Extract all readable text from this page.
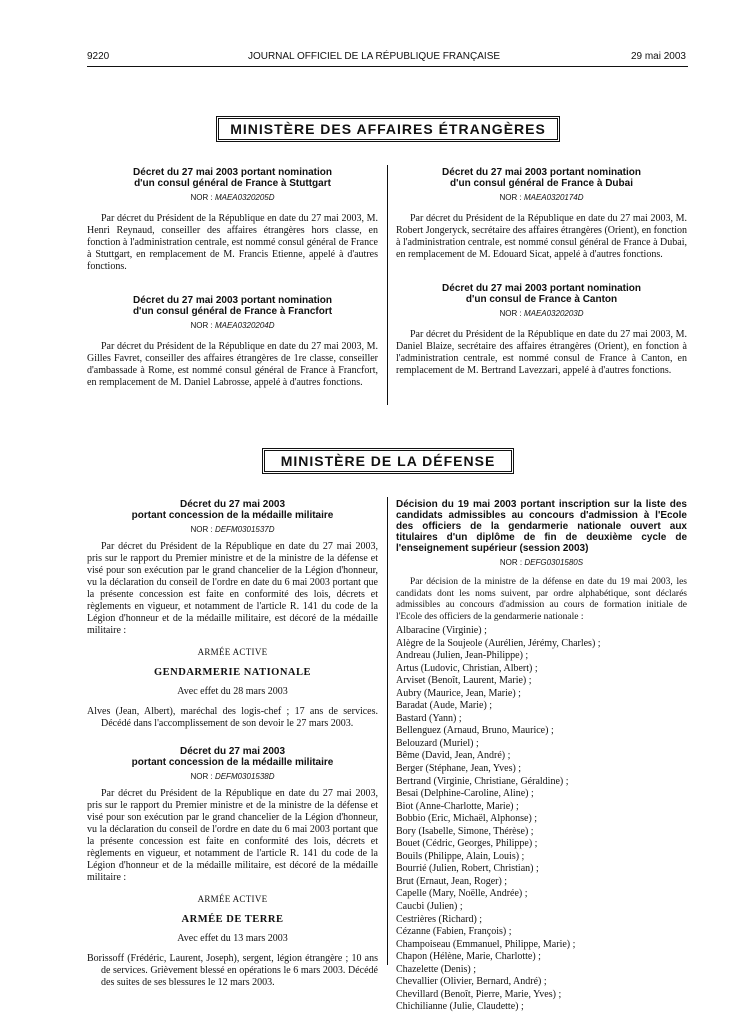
9220	JOURNAL OFFICIEL DE LA RÉPUBLIQUE FRANÇAISE	29 mai 2003
MINISTÈRE DES AFFAIRES ÉTRANGÈRES
Décret du 27 mai 2003 portant nomination
d'un consul général de France à Stuttgart
NOR : MAEA0320205D

Par décret du Président de la République en date du 27 mai 2003, M. Henri Reynaud, conseiller des affaires étrangères hors classe, en fonction à l'administration centrale, est nommé consul général de France à Stuttgart, en remplacement de M. Francis Etienne, appelé à d'autres fonctions.

Décret du 27 mai 2003 portant nomination
d'un consul général de France à Francfort
NOR : MAEA0320204D

Par décret du Président de la République en date du 27 mai 2003, M. Gilles Favret, conseiller des affaires étrangères de 1re classe, conseiller d'ambassade à Rome, est nommé consul général de France à Francfort, en remplacement de M. Daniel Labrosse, appelé à d'autres fonctions.

Décret du 27 mai 2003 portant nomination
d'un consul général de France à Dubai
NOR : MAEA0320174D

Par décret du Président de la République en date du 27 mai 2003, M. Robert Jongeryck, secrétaire des affaires étrangères (Orient), en fonction à l'administration centrale, est nommé consul général de France à Dubai, en remplacement de M. Edouard Sicat, appelé à d'autres fonctions.

Décret du 27 mai 2003 portant nomination
d'un consul de France à Canton
NOR : MAEA0320203D

Par décret du Président de la République en date du 27 mai 2003, M. Daniel Blaize, secrétaire des affaires étrangères (Orient), en fonction à l'administration centrale, est nommé consul de France à Canton, en remplacement de M. Bertrand Lavezzari, appelé à d'autres fonctions.

MINISTÈRE DE LA DÉFENSE
Décret du 27 mai 2003
portant concession de la médaille militaire
NOR : DEFM0301537D

Par décret du Président de la République en date du 27 mai 2003, pris sur le rapport du Premier ministre et de la ministre de la défense et visé pour son exécution par le grand chancelier de la Légion d'honneur, vu la déclaration du conseil de l'ordre en date du 6 mai 2003 portant que la présente concession est faite en conformité des lois, décrets et règlements en vigueur, et notamment de l'article R. 141 du code de la Légion d'honneur et de la médaille militaire, est décoré de la médaille militaire :

ARMÉE ACTIVE
GENDARMERIE NATIONALE

Avec effet du 28 mars 2003

Alves (Jean, Albert), maréchal des logis-chef ; 17 ans de services. Décédé dans l'accomplissement de son devoir le 27 mars 2003.

Décret du 27 mai 2003
portant concession de la médaille militaire
NOR : DEFM0301538D

Par décret du Président de la République en date du 27 mai 2003, pris sur le rapport du Premier ministre et de la ministre de la défense et visé pour son exécution par le grand chancelier de la Légion d'honneur, vu la déclaration du conseil de l'ordre en date du 6 mai 2003 portant que la présente concession est faite en conformité des lois, décrets et règlements en vigueur, et notamment de l'article R. 141 du code de la Légion d'honneur et de la médaille militaire, est décoré de la médaille militaire :

ARMÉE ACTIVE
ARMÉE DE TERRE

Avec effet du 13 mars 2003

Borissoff (Frédéric, Laurent, Joseph), sergent, légion étrangère ; 10 ans de services. Grièvement blessé en opérations le 6 mars 2003. Décédé des suites de ses blessures le 12 mars 2003.

Décision du 19 mai 2003 portant inscription sur la liste des candidats admissibles au concours d'admission à l'Ecole des officiers de la gendarmerie nationale ouvert aux titulaires d'un diplôme de fin de deuxième cycle de l'enseignement supérieur (session 2003)
NOR : DEFG0301580S

Par décision de la ministre de la défense en date du 19 mai 2003, les candidats dont les noms suivent, par ordre alphabétique, sont déclarés admissibles au concours d'admission au cours de formation initiale de l'Ecole des officiers de la gendarmerie nationale :

Albaracine (Virginie) ;
Alègre de la Soujeole (Aurélien, Jérémy, Charles) ;
Andreau (Julien, Jean-Philippe) ;
Artus (Ludovic, Christian, Albert) ;
Arviset (Benoît, Laurent, Marie) ;
Aubry (Maurice, Jean, Marie) ;
Baradat (Aude, Marie) ;
Bastard (Yann) ;
Bellenguez (Arnaud, Bruno, Maurice) ;
Belouzard (Muriel) ;
Bême (David, Jean, André) ;
Berger (Stéphane, Jean, Yves) ;
Bertrand (Virginie, Christiane, Géraldine) ;
Besai (Delphine-Caroline, Aline) ;
Biot (Anne-Charlotte, Marie) ;
Bobbio (Eric, Michaël, Alphonse) ;
Bory (Isabelle, Simone, Thérèse) ;
Bouet (Cédric, Georges, Philippe) ;
Bouils (Philippe, Alain, Louis) ;
Bourrié (Julien, Robert, Christian) ;
Brut (Ernaut, Jean, Roger) ;
Capelle (Mary, Noëlle, Andrée) ;
Caucbi (Julien) ;
Cestrières (Richard) ;
Cézanne (Fabien, François) ;
Champoiseau (Emmanuel, Philippe, Marie) ;
Chapon (Hélène, Marie, Charlotte) ;
Chazelette (Denis) ;
Chevallier (Olivier, Bernard, André) ;
Chevillard (Benoît, Pierre, Marie, Yves) ;
Chichilianne (Julie, Claudette) ;
